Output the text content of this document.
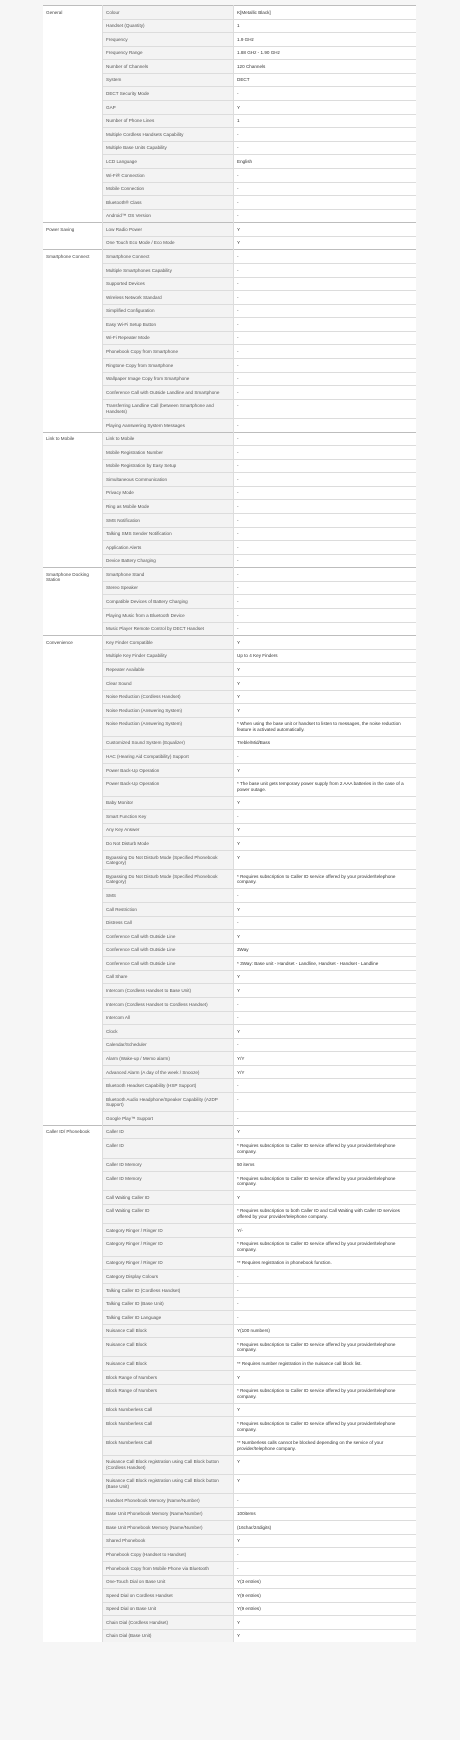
General	Colour	K[Metallic Black]
	Handset (Quantity)	1
	Frequency	1.9 GHz
	Frequency Range	1.88 GHz - 1.90 GHz
	Number of Channels	120 Channels
	System	DECT
	DECT Security Mode	-
	GAP	Y
	Number of Phone Lines	1
	Multiple Cordless Handsets Capability	-
	Multiple Base Units Capability	-
	LCD Language	English
	Wi-Fi® Connection	-
	Mobile Connection	-
	Bluetooth® Class	-
	Android™ OS Version	-
Power Saving	Low Radio Power	Y
	One Touch Eco Mode / Eco Mode	Y
Smartphone Connect	Smartphone Connect	-
	Multiple Smartphones Capability	-
	Supported Devices	-
	Wireless Network Standard	-
	Simplified Configuration	-
	Easy Wi-Fi Setup Button	-
	Wi-Fi Repeater Mode	-
	Phonebook Copy from Smartphone	-
	Ringtone Copy from Smartphone	-
	Wallpaper Image Copy from Smartphone	-
	Conference Call with Outside Landline and Smartphone	-
	Transferring Landline Call (between Smartphone and Handsets)	-
	Playing Aanswering System Messages	-
Link to Mobile	Link to Mobile	-
	Mobile Registration Number	-
	Mobile Registration by Easy Setup	-
	Simultaneous Communication	-
	Privacy Mode	-
	Ring as Mobile Mode	-
	SMS Notification	-
	Talking SMS Sender Notification	-
	Application Alerts	-
	Device Battery Charging	-
Smartphone Docking Station	Smartphone Stand	-
	Stereo Speaker	-
	Compatible Devices of Battery Charging	-
	Playing Music from a Bluetooth Device	-
	Music Player Remote Control by DECT Handset	-
Convenience	Key Finder Compatible	Y
	Multiple Key Finder Capability	Up to 4 Key Finders
	Repeater Available	Y
	Clear Sound	Y
	Noise Reduction (Cordless Handset)	Y
	Noise Reduction (Answering System)	Y
	Noise Reduction (Answering System)	* When using the base unit or handset to listen to messages, the noise reduction feature is activated automatically.
	Customized Sound System (Equalizer)	Treble/Mid/Bass
	HAC (Hearing Aid Compatibility) Support	-
	Power Back-Up Operation	Y
	Power Back-Up Operation	* The base unit gets temporary power supply from 2 AAA batteries in the case of a power outage.
	Baby Monitor	Y
	Smart Function Key	-
	Any Key Answer	Y
	Do Not Disturb Mode	Y
	Bypassing Do Not Disturb Mode (Specified Phonebook Category)	Y
	Bypassing Do Not Disturb Mode (Specified Phonebook Category)	* Requires subscription to Caller ID service offered by your provider/telephone company.
	SMS	-
	Call Restriction	Y
	Distress Call	-
	Conference Call with Outside Line	Y
	Conference Call with Outside Line	3Way
	Conference Call with Outside Line	* 3Way: Base unit - Handset - Landline, Handset - Handset - Landline
	Call Share	Y
	Intercom (Cordless Handset to Base Unit)	Y
	Intercom (Cordless Handset to Cordless Handset)	-
	Intercom All	-
	Clock	Y
	Calendar/Scheduler	-
	Alarm (Wake-up / Memo alarm)	Y/Y
	Advanced Alarm (A day of the week / Snooze)	Y/Y
	Bluetooth Headset Capability (HSP Support)	-
	Bluetooth Audio Headphone/Speaker Capability (A2DP Support)	-
	Google Play™ Support	-
Caller ID/ Phonebook	Caller ID	Y
	Caller ID	* Requires subscription to Caller ID service offered by your provider/telephone company.
	Caller ID Memory	50 items
	Caller ID Memory	* Requires subscription to Caller ID service offered by your provider/telephone company.
	Call Waiting Caller ID	Y
	Call Waiting Caller ID	* Requires subscription to both Caller ID and Call Waiting with Caller ID services offered by your provider/telephone company.
	Category Ringer / Ringer ID	Y/-
	Category Ringer / Ringer ID	* Requires subscription to Caller ID service offered by your provider/telephone company.
	Category Ringer / Ringer ID	** Requires registration in phonebook function.
	Category Display Colours	-
	Talking Caller ID (Cordless Handset)	-
	Talking Caller ID (Base Unit)	-
	Talking Caller ID Language	-
	Nuisance Call Block	Y(100 numbers)
	Nuisance Call Block	* Requires subscription to Caller ID service offered by your provider/telephone company.
	Nuisance Call Block	** Requires number registration in the nuisance call block list.
	Block Range of Numbers	Y
	Block Range of Numbers	* Requires subscription to Caller ID service offered by your provider/telephone company.
	Block Numberless Call	Y
	Block Numberless Call	* Requires subscription to Caller ID service offered by your provider/telephone company.
	Block Numberless Call	** Numberless calls cannot be blocked depending on the service of your provider/telephone company.
	Nuisance Call Block registration using Call Block button (Cordless Handset)	Y
	Nuisance Call Block registration using Call Block button (Base Unit)	Y
	Handset Phonebook Memory (Name/Number)	-
	Base Unit Phonebook Memory (Name/Number)	100items
	Base Unit Phonebook Memory (Name/Number)	(16char/24digits)
	Shared Phonebook	Y
	Phonebook Copy (Handset to Handset)	-
	Phonebook Copy from Mobile Phone via Bluetooth	-
	One-Touch Dial on Base Unit	Y(3 entries)
	Speed Dial on Cordless Handset	Y(9 entries)
	Speed Dial on Base Unit	Y(9 entries)
	Chain Dial (Cordless Handset)	Y
	Chain Dial (Base Unit)	Y
